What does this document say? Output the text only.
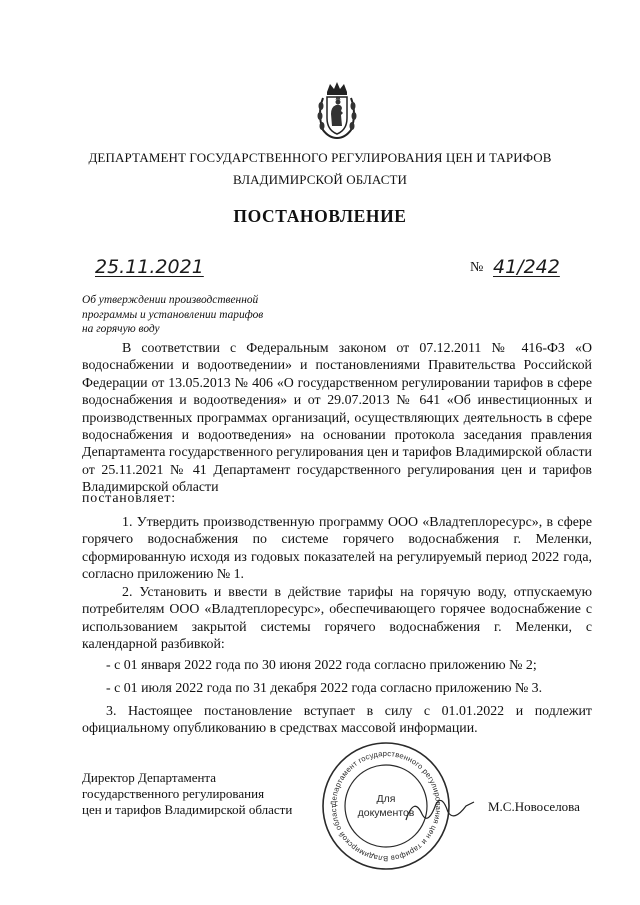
ДЕПАРТАМЕНТ ГОСУДАРСТВЕННОГО РЕГУЛИРОВАНИЯ ЦЕН И ТАРИФОВ
ВЛАДИМИРСКОЙ ОБЛАСТИ
ПОСТАНОВЛЕНИЕ
25.11.2021	№ 41/242
Об утверждении производственной
программы и установлении тарифов
на горячую воду
В соответствии с Федеральным законом от 07.12.2011 № 416-ФЗ «О водоснабжении и водоотведении» и постановлениями Правительства Российской Федерации от 13.05.2013 № 406 «О государственном регулировании тарифов в сфере водоснабжения и водоотведения» и от 29.07.2013 № 641 «Об инвестиционных и производственных программах организаций, осуществляющих деятельность в сфере водоснабжения и водоотведения» на основании протокола заседания правления Департамента государственного регулирования цен и тарифов Владимирской области от 25.11.2021 № 41 Департамент государственного регулирования цен и тарифов Владимирской области
постановляет:
1. Утвердить производственную программу ООО «Владтеплоресурс», в сфере горячего водоснабжения по системе горячего водоснабжения г. Меленки, сформированную исходя из годовых показателей на регулируемый период 2022 года, согласно приложению № 1.
2. Установить и ввести в действие тарифы на горячую воду, отпускаемую потребителям ООО «Владтеплоресурс», обеспечивающего горячее водоснабжение с использованием закрытой системы горячего водоснабжения г. Меленки, с календарной разбивкой:
- с 01 января 2022 года по 30 июня 2022 года согласно приложению № 2;
- с 01 июля 2022 года по 31 декабря 2022 года согласно приложению № 3.
3. Настоящее постановление вступает в силу с 01.01.2022 и подлежит официальному опубликованию в средствах массовой информации.
Директор Департамента
государственного регулирования
цен и тарифов Владимирской области	М.С.Новоселова
Департамент государственного регулирования цен и тарифов Владимирской област
Для
документов
